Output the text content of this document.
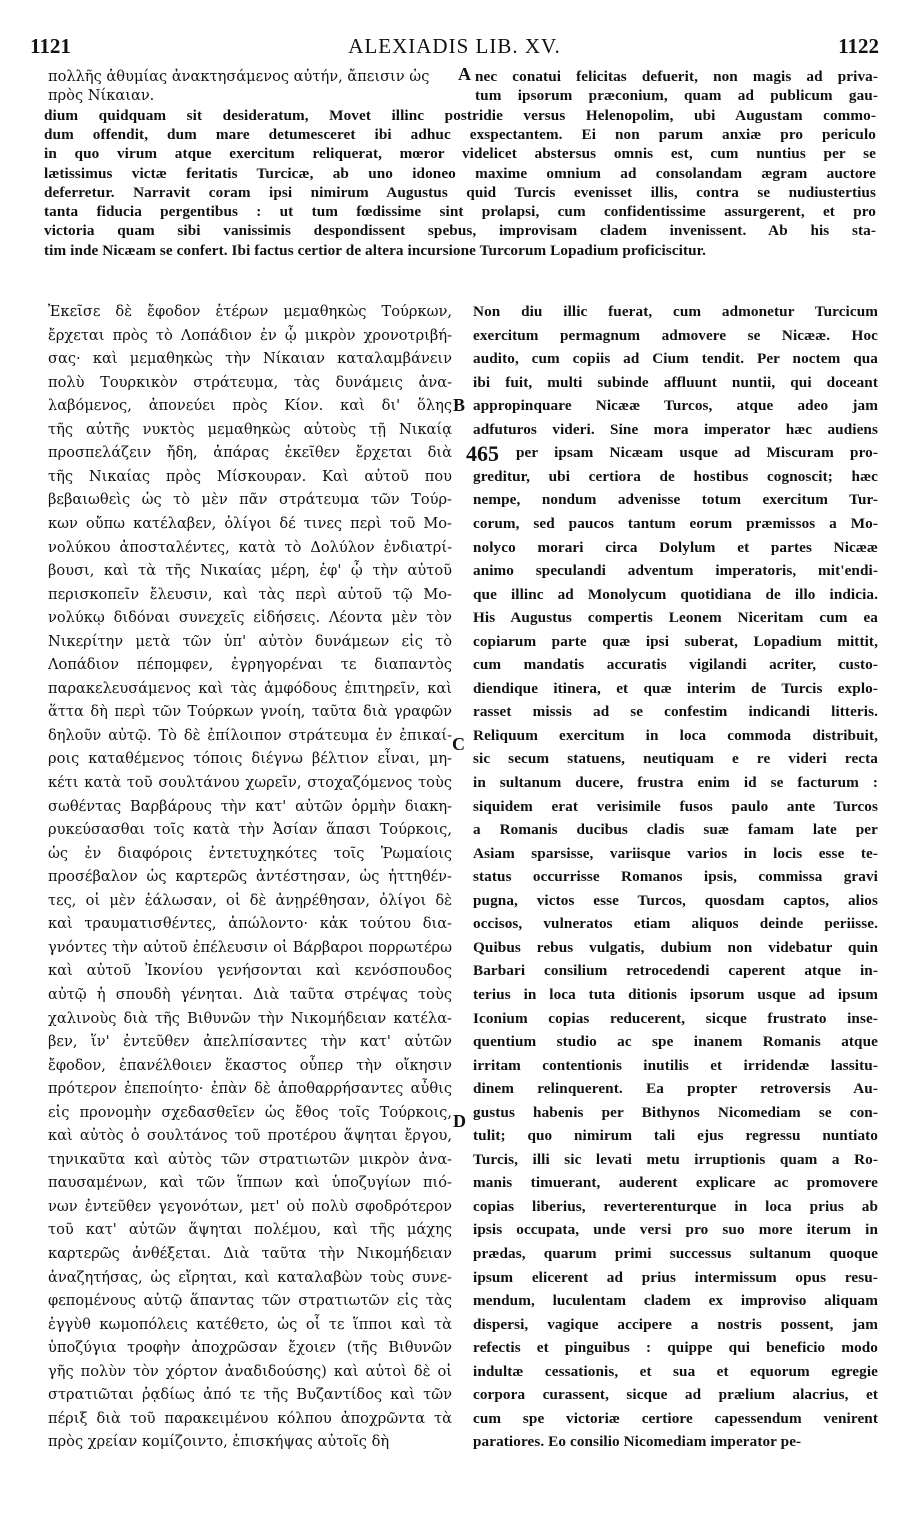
1121	ALEXIADIS LIB. XV.	1122
πολλῆς ἀθυμίας ἀνακτησάμενος αὐτήν, ἄπεισιν ὡς
πρὸς Νίκαιαν.
nec conatui felicitas defuerit, non magis ad priva-
tum ipsorum præconium, quam ad publicum gau-
A
dium quidquam sit desideratum, Movet illinc postridie versus Helenopolim, ubi Augustam commo-
dum offendit, dum mare detumesceret ibi adhuc exspectantem. Ei non parum anxiæ pro periculo
in quo virum atque exercitum reliquerat, mœror videlicet abstersus omnis est, cum nuntius per se
lætissimus victæ feritatis Turcicæ, ab uno idoneo maxime omnium ad consolandam ægram auctore
deferretur. Narravit coram ipsi nimirum Augustus quid Turcis evenisset illis, contra se nudiustertius
tanta fiducia pergentibus : ut tum fœdissime sint prolapsi, cum confidentissime assurgerent, et pro
victoria quam sibi vanissimis despondissent spebus, improvisam cladem invenissent. Ab his sta-
tim inde Nicæam se confert. Ibi factus certior de altera incursione Turcorum Lopadium proficiscitur.
Ἐκεῖσε δὲ ἔφοδον ἑτέρων μεμαθηκὼς Τούρκων,
ἔρχεται πρὸς τὸ Λοπάδιον ἐν ᾧ μικρὸν χρονοτριβή-
σας· καὶ μεμαθηκὼς τὴν Νίκαιαν καταλαμβάνειν
πολὺ Τουρκικὸν στράτευμα, τὰς δυνάμεις ἀνα-
λαβόμενος, ἀπονεύει πρὸς Κίον. καὶ δι' ὅλης
τῆς αὐτῆς νυκτὸς μεμαθηκὼς αὐτοὺς τῇ Νικαίᾳ
προσπελάζειν ἤδη, ἀπάρας ἐκεῖθεν ἔρχεται διὰ
τῆς Νικαίας πρὸς Μίσκουραν. Καὶ αὐτοῦ που
βεβαιωθεὶς ὡς τὸ μὲν πᾶν στράτευμα τῶν Τούρ-
κων οὔπω κατέλαβεν, ὀλίγοι δέ τινες περὶ τοῦ Μο-
νολύκου ἀποσταλέντες, κατὰ τὸ Δολύλον ἐνδιατρί-
βουσι, καὶ τὰ τῆς Νικαίας μέρη, ἐφ' ᾧ τὴν αὐτοῦ
περισκοπεῖν ἔλευσιν, καὶ τὰς περὶ αὐτοῦ τῷ Μο-
νολύκῳ διδόναι συνεχεῖς εἰδήσεις. Λέοντα μὲν τὸν
Νικερίτην μετὰ τῶν ὑπ' αὐτὸν δυνάμεων εἰς τὸ
Λοπάδιον πέπομφεν, ἐγρηγορέναι τε διαπαντὸς
παρακελευσάμενος καὶ τὰς ἀμφόδους ἐπιτηρεῖν, καὶ
ἅττα δὴ περὶ τῶν Τούρκων γνοίη, ταῦτα διὰ γραφῶν
δηλοῦν αὐτῷ. Τὸ δὲ ἐπίλοιπον στράτευμα ἐν ἐπικαί-
ροις καταθέμενος τόποις διέγνω βέλτιον εἶναι, μη-
κέτι κατὰ τοῦ σουλτάνου χωρεῖν, στοχαζόμενος τοὺς
σωθέντας Βαρβάρους τὴν κατ' αὐτῶν ὁρμὴν διακη-
ρυκεύσασθαι τοῖς κατὰ τὴν Ἀσίαν ἅπασι Τούρκοις,
ὡς ἐν διαφόροις ἐντετυχηκότες τοῖς Ῥωμαίοις
προσέβαλον ὡς καρτερῶς ἀντέστησαν, ὡς ἡττηθέν-
τες, οἱ μὲν ἑάλωσαν, οἱ δὲ ἀνῃρέθησαν, ὀλίγοι δὲ
καὶ τραυματισθέντες, ἀπώλοντο· κἀκ τούτου δια-
γνόντες τὴν αὐτοῦ ἐπέλευσιν οἱ Βάρβαροι πορρωτέρω
καὶ αὐτοῦ Ἰκονίου γενήσονται καὶ κενόσπουδος
αὐτῷ ἡ σπουδὴ γένηται. Διὰ ταῦτα στρέψας τοὺς
χαλινοὺς διὰ τῆς Βιθυνῶν τὴν Νικομήδειαν κατέλα-
βεν, ἵν' ἐντεῦθεν ἀπελπίσαντες τὴν κατ' αὐτῶν
ἔφοδον, ἐπανέλθοιεν ἕκαστος οὗπερ τὴν οἴκησιν
πρότερον ἐπεποίητο· ἐπὰν δὲ ἀποθαρρήσαντες αὖθις
εἰς προνομὴν σχεδασθεῖεν ὡς ἔθος τοῖς Τούρκοις,
καὶ αὐτὸς ὁ σουλτάνος τοῦ προτέρου ἅψηται ἔργου,
τηνικαῦτα καὶ αὐτὸς τῶν στρατιωτῶν μικρὸν ἀνα-
παυσαμένων, καὶ τῶν ἵππων καὶ ὑποζυγίων πιό-
νων ἐντεῦθεν γεγονότων, μετ' οὐ πολὺ σφοδρότερον
τοῦ κατ' αὐτῶν ἅψηται πολέμου, καὶ τῆς μάχης
καρτερῶς ἀνθέξεται. Διὰ ταῦτα τὴν Νικομήδειαν
ἀναζητήσας, ὡς εἴρηται, καὶ καταλαβὼν τοὺς συνε-
φεπομένους αὐτῷ ἅπαντας τῶν στρατιωτῶν εἰς τὰς
ἐγγὺθ κωμοπόλεις κατέθετο, ὡς οἷ τε ἵπποι καὶ τὰ
ὑποζύγια τροφὴν ἀποχρῶσαν ἔχοιεν (τῆς Βιθυνῶν
γῆς πολὺν τὸν χόρτον ἀναδιδούσης) καὶ αὐτοὶ δὲ οἱ
στρατιῶται ῥᾳδίως ἀπό τε τῆς Βυζαντίδος καὶ τῶν
πέριξ διὰ τοῦ παρακειμένου κόλπου ἀποχρῶντα τὰ
πρὸς χρείαν κομίζοιντο, ἐπισκήψας αὐτοῖς δὴ
Non diu illic fuerat, cum admonetur Turcicum
exercitum permagnum admovere se Nicææ. Hoc
audito, cum copiis ad Cium tendit. Per noctem qua
ibi fuit, multi subinde affluunt nuntii, qui doceant
appropinquare Nicææ Turcos, atque adeo jam
adfuturos videri. Sine mora imperator hæc audiens
per ipsam Nicæam usque ad Miscuram pro-
greditur, ubi certiora de hostibus cognoscit; hæc
nempe, nondum advenisse totum exercitum Tur-
corum, sed paucos tantum eorum præmissos a Mo-
nolyco morari circa Dolylum et partes Nicææ
animo speculandi adventum imperatoris, mit'endi-
que illinc ad Monolycum quotidiana de illo indicia.
His Augustus compertis Leonem Niceritam cum ea
copiarum parte quæ ipsi suberat, Lopadium mittit,
cum mandatis accuratis vigilandi acriter, custo-
diendique itinera, et quæ interim de Turcis explo-
rasset missis ad se confestim indicandi litteris.
Reliquum exercitum in loca commoda distribuit,
sic secum statuens, neutiquam e re videri recta
in sultanum ducere, frustra enim id se facturum :
siquidem erat verisimile fusos paulo ante Turcos
a Romanis ducibus cladis suæ famam late per
Asiam sparsisse, variisque varios in locis esse te-
status occurrisse Romanos ipsis, commissa gravi
pugna, victos esse Turcos, quosdam captos, alios
occisos, vulneratos etiam aliquos deinde periisse.
Quibus rebus vulgatis, dubium non videbatur quin
Barbari consilium retrocedendi caperent atque in-
terius in loca tuta ditionis ipsorum usque ad ipsum
Iconium copias reducerent, sicque frustrato inse-
quentium studio ac spe inanem Romanis atque
irritam contentionis inutilis et irridendæ lassitu-
dinem relinquerent. Ea propter retroversis Au-
gustus habenis per Bithynos Nicomediam se con-
tulit; quo nimirum tali ejus regressu nuntiato
Turcis, illi sic levati metu irruptionis quam a Ro-
manis timuerant, auderent explicare ac promovere
copias liberius, reverterenturque in loca prius ab
ipsis occupata, unde versi pro suo more iterum in
prædas, quarum primi successus sultanum quoque
ipsum elicerent ad prius intermissum opus resu-
mendum, luculentam cladem ex improviso aliquam
dispersi, vagique accipere a nostris possent, jam
refectis et pinguibus : quippe qui beneficio modo
indultæ cessationis, et sua et equorum egregie
corpora curassent, sicque ad prælium alacrius, et
cum spe victoriæ certiore capessendum venirent
paratiores. Eo consilio Nicomediam imperator pe-
B
C
D
465
